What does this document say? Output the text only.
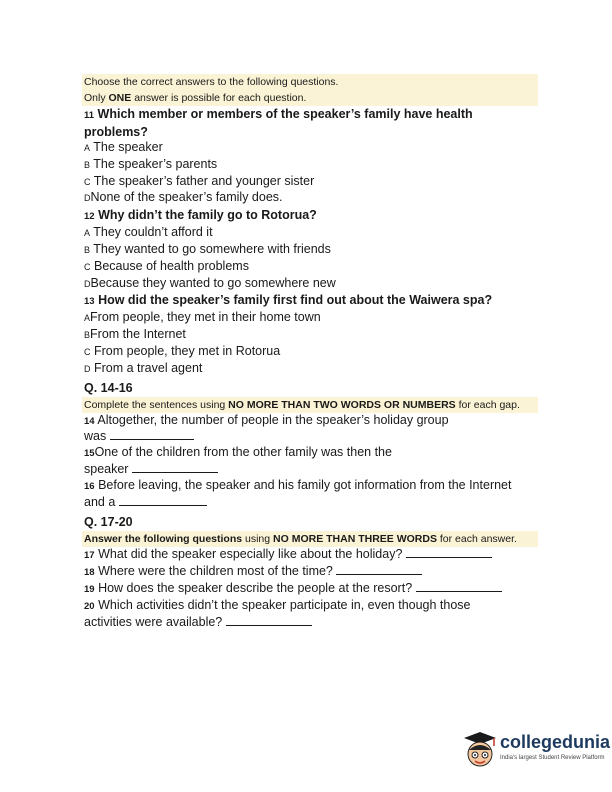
Choose the correct answers to the following questions.
Only ONE answer is possible for each question.
11 Which member or members of the speaker’s family have health problems?
A The speaker
B The speaker’s parents
C The speaker’s father and younger sister
DNone of the speaker’s family does.
12 Why didn’t the family go to Rotorua?
A They couldn’t afford it
B They wanted to go somewhere with friends
C Because of health problems
DBecause they wanted to go somewhere new
13 How did the speaker’s family first find out about the Waiwera spa?
AFrom people, they met in their home town
BFrom the Internet
C From people, they met in Rotorua
D From a travel agent
Q. 14-16
Complete the sentences using NO MORE THAN TWO WORDS OR NUMBERS for each gap.
14 Altogether, the number of people in the speaker’s holiday group
was
15One of the children from the other family was then the
speaker
16 Before leaving, the speaker and his family got information from the Internet
and a
Q. 17-20
Answer the following questions using NO MORE THAN THREE WORDS for each answer.
17 What did the speaker especially like about the holiday?
18 Where were the children most of the time?
19 How does the speaker describe the people at the resort?
20 Which activities didn’t the speaker participate in, even though those
activities were available?
collegedunia
India's largest Student Review Platform
